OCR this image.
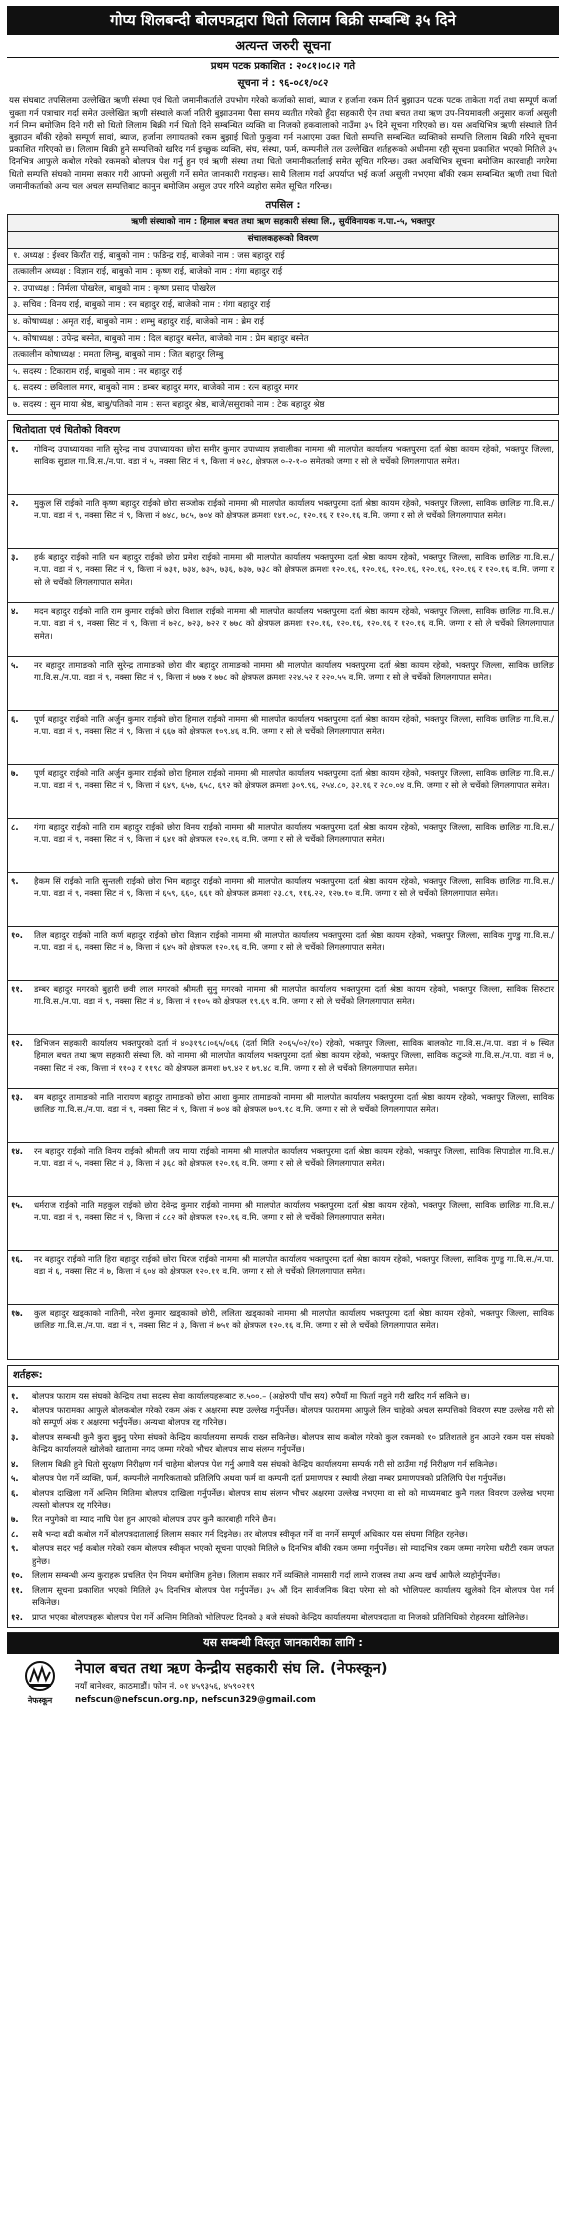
गोप्य शिलबन्दी बोलपत्रद्वारा धितो लिलाम बिक्री सम्बन्धि ३५ दिने
अत्यन्त जरुरी सूचना
प्रथम पटक प्रकाशित : २०८१।०८।२ गते
सूचना नं : ९६-०८१/०८२
यस संघबाट तपसिलमा उल्लेखित ऋणी संस्था एवं धितो जमानीकर्ताले उपभोग गरेको कर्जाको सावां, ब्याज र हर्जाना रकम तिर्न बुझाउन पटक पटक ताकेता गर्दा तथा सम्पूर्ण कर्जा चुक्ता गर्न पत्राचार गर्दा समेत उल्लेखित ऋणी संस्थाले कर्जा नतिरी बुझाउनमा पैसा समय व्यतीत गरेको हुँदा सहकारी ऐन तथा बचत तथा ऋण उप-नियमावली अनुसार कर्जा असुली गर्न निम्न बमोजिम दिने गरी सो धितो लिलाम बिक्री गर्न धितो दिने सम्बन्धित व्यक्ति वा निजको हकवालाको नाउँमा ३५ दिने सूचना गरिएको छ। यस अवधिभित्र ऋणी संस्थाले तिर्न बुझाउन बाँकी रहेको सम्पूर्ण सावां, ब्याज, हर्जाना लगायतको रकम बुझाई धितो फुकुवा गर्न नआएमा उक्त धितो सम्पत्ति सम्बन्धित व्यक्तिको सम्पत्ति लिलाम बिक्री गरिने सूचना प्रकाशित गरिएको छ। लिलाम बिक्री हुने सम्पत्तिको खरिद गर्न इच्छुक व्यक्ति, संघ, संस्था, फर्म, कम्पनीले तल उल्लेखित शर्तहरूको अधीनमा रही सूचना प्रकाशित भएको मितिले ३५ दिनभित्र आफुले कबोल गरेको रकमको बोलपत्र पेश गर्नु हुन एवं ऋणी संस्था तथा धितो जमानीकर्तालाई समेत सूचित गरिन्छ। उक्त अवधिभित्र सूचना बमोजिम कारवाही नगरेमा धितो सम्पत्ति संघको नाममा सकार गरी आफ्नो असुली गर्ने समेत जानकारी गराइन्छ। साथै लिलाम गर्दा अपर्याप्त भई कर्जा असुली नभएमा बाँकी रकम सम्बन्धित ऋणी तथा धितो जमानीकर्ताको अन्य चल अचल सम्पत्तिबाट कानुन बमोजिम असुल उपर गरिने व्यहोरा समेत सूचित गरिन्छ।
तपसिल :
ऋणी संस्थाको नाम : हिमाल बचत तथा ऋण सहकारी संस्था लि., सुर्यविनायक न.पा.-५, भक्तपुर
संचालकहरूको विवरण
१. अध्यक्ष : ईश्वर किराँत राई, बाबुको नाम : फडिन्द्र राई, बाजेको नाम : जस बहादुर राई
तत्कालीन अध्यक्ष : विज्ञान राई, बाबुको नाम : कृष्ण राई, बाजेको नाम : गंगा बहादुर राई
२. उपाध्यक्ष : निर्मला पोखरेल, बाबुको नाम : कृष्ण प्रसाद पोखरेल
३. सचिव : विनय राई, बाबुको नाम : रन बहादुर राई, बाजेको नाम : गंगा बहादुर राई
४. कोषाध्यक्ष : अमृत राई, बाबुको नाम : शम्भु बहादुर राई, बाजेको नाम : ब्रेम राई
५. कोषाध्यक्ष : उपेन्द्र बस्नेत, बाबुको नाम : दिल बहादुर बस्नेत, बाजेको नाम : प्रेम बहादुर बस्नेत
तत्कालीन कोषाध्यक्ष : ममता लिम्बु, बाबुको नाम : जित बहादुर लिम्बु
५. सदस्य : टिकाराम राई, बाबुको नाम : नर बहादुर राई
६. सदस्य : छविलाल मगर, बाबुको नाम : डम्बर बहादुर मगर, बाजेको नाम : रत्न बहादुर मगर
७. सदस्य : सुन माया श्रेष्ठ, बाबु/पतिको नाम : सन्त बहादुर श्रेष्ठ, बाजे/ससुराको नाम : टेक बहादुर श्रेष्ठ
धितोदाता एवं धितोको विवरण
१.	गोविन्द उपाध्यायका नाति सुरेन्द्र नाथ उपाध्यायका छोरा समीर कुमार उपाध्याय ज्ञवालीका नाममा श्री मालपोत कार्यालय भक्तपुरमा दर्ता श्रेष्ठा कायम रहेको, भक्तपुर जिल्ला, साविक सुडाल गा.वि.स./न.पा. वडा नं ५, नक्सा सिट नं ९, कित्ता नं ७२८, क्षेत्रफल ०-२-१-० समेतको जग्गा र सो ले चर्चेको लिगलगापात समेत।
२.	मुकुल सिं राईको नाति कृष्ण बहादुर राईको छोरा सञ्जोक राईको नाममा श्री मालपोत कार्यालय भक्तपुरमा दर्ता श्रेष्ठा कायम रहेको, भक्तपुर जिल्ला, साविक छालिङ गा.वि.स./न.पा. वडा नं ९, नक्सा सिट नं ९, कित्ता नं ७४८, ७८५, ७०४ को क्षेत्रफल क्रमशः १४१.०८, १२०.१६ र १२०.१६ व.मि. जग्गा र सो ले चर्चेको लिगलगापात समेत।
३.	हर्क बहादुर राईको नाति धन बहादुर राईको छोरा प्रमेश राईको नाममा श्री मालपोत कार्यालय भक्तपुरमा दर्ता श्रेष्ठा कायम रहेको, भक्तपुर जिल्ला, साविक छालिङ गा.वि.स./न.पा. वडा नं ९, नक्सा सिट नं ९, कित्ता नं ७३१, ७३४, ७३५, ७३६, ७३७, ७३८ को क्षेत्रफल क्रमशः १२०.१६, १२०.१६, १२०.१६, १२०.१६, १२०.१६ र १२०.१६ व.मि. जग्गा र सो ले चर्चेको लिगलगापात समेत।
४.	मदन बहादुर राईको नाति राम कुमार राईको छोरा विशाल राईको नाममा श्री मालपोत कार्यालय भक्तपुरमा दर्ता श्रेष्ठा कायम रहेको, भक्तपुर जिल्ला, साविक छालिङ गा.वि.स./न.पा. वडा नं ९, नक्सा सिट नं ९, कित्ता नं ७२८, ७२३, ७२२ र ७७८ को क्षेत्रफल क्रमशः १२०.१६, १२०.१६, १२०.१६ र १२०.१६ व.मि. जग्गा र सो ले चर्चेको लिगलगापात समेत।
५.	नर बहादुर तामाङको नाति सुरेन्द्र तामाङको छोरा वीर बहादुर तामाङको नाममा श्री मालपोत कार्यालय भक्तपुरमा दर्ता श्रेष्ठा कायम रहेको, भक्तपुर जिल्ला, साविक छालिङ गा.वि.स./न.पा. वडा नं ९, नक्सा सिट नं ९, कित्ता नं ७७७ र ७७८ को क्षेत्रफल क्रमशः २२४.५२ र २२०.५५ व.मि. जग्गा र सो ले चर्चेको लिगलगापात समेत।
६.	पूर्ण बहादुर राईको नाति अर्जुन कुमार राईको छोरा हिमाल राईको नाममा श्री मालपोत कार्यालय भक्तपुरमा दर्ता श्रेष्ठा कायम रहेको, भक्तपुर जिल्ला, साविक छालिङ गा.वि.स./न.पा. वडा नं ९, नक्सा सिट नं ९, कित्ता नं ६६७ को क्षेत्रफल १०९.४६ व.मि. जग्गा र सो ले चर्चेको लिगलगापात समेत।
७.	पूर्ण बहादुर राईको नाति अर्जुन कुमार राईको छोरा हिमाल राईको नाममा श्री मालपोत कार्यालय भक्तपुरमा दर्ता श्रेष्ठा कायम रहेको, भक्तपुर जिल्ला, साविक छालिङ गा.वि.स./न.पा. वडा नं ९, नक्सा सिट नं ९, कित्ता नं ६४९, ६५७, ६५८, ६९२ को क्षेत्रफल क्रमशः ३०९.९६, २५४.८०, ३२.१६ र २८०.०४ व.मि. जग्गा र सो ले चर्चेको लिगलगापात समेत।
८.	गंगा बहादुर राईको नाति राम बहादुर राईको छोरा विनय राईको नाममा श्री मालपोत कार्यालय भक्तपुरमा दर्ता श्रेष्ठा कायम रहेको, भक्तपुर जिल्ला, साविक छालिङ गा.वि.स./न.पा. वडा नं ९, नक्सा सिट नं ९, कित्ता नं ६४१ को क्षेत्रफल १२०.१६ व.मि. जग्गा र सो ले चर्चेको लिगलगापात समेत।
९.	हैकम सिं राईको नाति सुन्तली राईको छोरा भिम बहादुर राईको नाममा श्री मालपोत कार्यालय भक्तपुरमा दर्ता श्रेष्ठा कायम रहेको, भक्तपुर जिल्ला, साविक छालिङ गा.वि.स./न.पा. वडा नं ९, नक्सा सिट नं ९, कित्ता नं ६५९, ६६०, ६६१ को क्षेत्रफल क्रमशः २३.८९, ११६.२२, १२७.१० व.मि. जग्गा र सो ले चर्चेको लिगलगापात समेत।
१०.	तिल बहादुर राईको नाति कर्ण बहादुर राईको छोरा विज्ञान राईको नाममा श्री मालपोत कार्यालय भक्तपुरमा दर्ता श्रेष्ठा कायम रहेको, भक्तपुर जिल्ला, साविक गुण्डु गा.वि.स./न.पा. वडा नं ६, नक्सा सिट नं ७, कित्ता नं ६४५ को क्षेत्रफल १२०.१६ व.मि. जग्गा र सो ले चर्चेको लिगलगापात समेत।
११.	डम्बर बहादुर मगरको बुहारी छवी लाल मगरको श्रीमती सुनु मगरको नाममा श्री मालपोत कार्यालय भक्तपुरमा दर्ता श्रेष्ठा कायम रहेको, भक्तपुर जिल्ला, साविक सिरुटार गा.वि.स./न.पा. वडा नं ९, नक्सा सिट नं ४, कित्ता नं ११०५ को क्षेत्रफल १९.६९ व.मि. जग्गा र सो ले चर्चेको लिगलगापात समेत।
१२.	डिभिजन सहकारी कार्यालय भक्तपुरको दर्ता नं ४०३१९८।०६५/०६६ (दर्ता मिति २०६५/०२/१०) रहेको, भक्तपुर जिल्ला, साविक बालकोट गा.वि.स./न.पा. वडा नं ७ स्थित हिमाल बचत तथा ऋण सहकारी संस्था लि. को नाममा श्री मालपोत कार्यालय भक्तपुरमा दर्ता श्रेष्ठा कायम रहेको, भक्तपुर जिल्ला, साविक कटुञ्जे गा.वि.स./न.पा. वडा नं ७, नक्सा सिट नं २क, कित्ता नं ११०३ र ११९८ को क्षेत्रफल क्रमशः ७९.४२ र ७९.४८ व.मि. जग्गा र सो ले चर्चेको लिगलगापात समेत।
१३.	बम बहादुर तामाङको नाति नारायण बहादुर तामाङको छोरा आशा कुमार तामाङको नाममा श्री मालपोत कार्यालय भक्तपुरमा दर्ता श्रेष्ठा कायम रहेको, भक्तपुर जिल्ला, साविक छालिङ गा.वि.स./न.पा. वडा नं ९, नक्सा सिट नं ९, कित्ता नं ७०४ को क्षेत्रफल ७०९.१८ व.मि. जग्गा र सो ले चर्चेको लिगलगापात समेत।
१४.	रन बहादुर राईको नाति विनय राईको श्रीमती जय माया राईको नाममा श्री मालपोत कार्यालय भक्तपुरमा दर्ता श्रेष्ठा कायम रहेको, भक्तपुर जिल्ला, साविक सिपाडोल गा.वि.स./न.पा. वडा नं ५, नक्सा सिट नं ३, कित्ता नं ३६८ को क्षेत्रफल १२०.१६ व.मि. जग्गा र सो ले चर्चेको लिगलगापात समेत।
१५.	धर्मराज राईको नाति महकुल राईको छोरा देवेन्द्र कुमार राईको नाममा श्री मालपोत कार्यालय भक्तपुरमा दर्ता श्रेष्ठा कायम रहेको, भक्तपुर जिल्ला, साविक छालिङ गा.वि.स./न.पा. वडा नं ९, नक्सा सिट नं ९, कित्ता नं ८८२ को क्षेत्रफल १२०.१६ व.मि. जग्गा र सो ले चर्चेको लिगलगापात समेत।
१६.	नर बहादुर राईको नाति हिरा बहादुर राईको छोरा धिरज राईको नाममा श्री मालपोत कार्यालय भक्तपुरमा दर्ता श्रेष्ठा कायम रहेको, भक्तपुर जिल्ला, साविक गुण्डु गा.वि.स./न.पा. वडा नं ६, नक्सा सिट नं ७, कित्ता नं ६०४ को क्षेत्रफल १२०.११ व.मि. जग्गा र सो ले चर्चेको लिगलगापात समेत।
१७.	कुल बहादुर खड्काको नातिनी, नरेश कुमार खड्काको छोरी, ललिता खड्काको नाममा श्री मालपोत कार्यालय भक्तपुरमा दर्ता श्रेष्ठा कायम रहेको, भक्तपुर जिल्ला, साविक छालिङ गा.वि.स./न.पा. वडा नं ९, नक्सा सिट नं ३, कित्ता नं ७५१ को क्षेत्रफल १२०.१६ व.मि. जग्गा र सो ले चर्चेको लिगलगापात समेत।
शर्तहरू:
१.	बोलपत्र फाराम यस संघको केन्द्रिय तथा सदस्य सेवा कार्यालयहरूबाट रु.५००.– (अक्षेरुपी पाँच सय) रुपैयाँ मा फिर्ता नहुने गरी खरिद गर्न सकिने छ।
२.	बोलपत्र फारामका आफुले बोलकबोल गरेको रकम अंक र अक्षरमा स्पष्ट उल्लेख गर्नुपर्नेछ। बोलपत्र फाराममा आफुले लिन चाहेको अचल सम्पत्तिको विवरण स्पष्ट उल्लेख गरी सो को सम्पूर्ण अंक र अक्षरमा भर्नुपर्नेछ। अन्यथा बोलपत्र रद्द गरिनेछ।
३.	बोलपत्र सम्बन्धी कुनै कुरा बुझ्नु परेमा संघको केन्द्रिय कार्यालयमा सम्पर्क राख्न सकिनेछ। बोलपत्र साथ कबोल गरेको कुल रकमको १० प्रतिशतले हुन आउने रकम यस संघको केन्द्रिय कार्यालयले खोलेको खातामा नगद जम्मा गरेको भौचर बोलपत्र साथ संलग्न गर्नुपर्नेछ।
४.	लिलाम बिक्री हुने धितो सुरक्षण निरीक्षण गर्न चाहेमा बोलपत्र पेश गर्नु अगावै यस संघको केन्द्रिय कार्यालयमा सम्पर्क गरी सो ठाउँमा गई निरीक्षण गर्न सकिनेछ।
५.	बोलपत्र पेश गर्ने व्यक्ति, फर्म, कम्पनीले नागरिकताको प्रतिलिपि अथवा फर्म वा कम्पनी दर्ता प्रमाणपत्र र स्थायी लेखा नम्बर प्रमाणपत्रको प्रतिलिपि पेश गर्नुपर्नेछ।
६.	बोलपत्र दाखिला गर्ने अन्तिम मितिमा बोलपत्र दाखिला गर्नुपर्नेछ। बोलपत्र साथ संलग्न भौचर अक्षरमा उल्लेख नभएमा वा सो को माध्यमबाट कुनै गलत विवरण उल्लेख भएमा त्यस्तो बोलपत्र रद्द गरिनेछ।
७.	रित नपुगेको वा म्याद नाघि पेश हुन आएको बोलपत्र उपर कुनै कारबाही गरिने छैन।
८.	सबै भन्दा बढी कबोल गर्ने बोलपत्रदातालाई लिलाम सकार गर्न दिइनेछ। तर बोलपत्र स्वीकृत गर्ने वा नगर्ने सम्पूर्ण अधिकार यस संघमा निहित रहनेछ।
९.	बोलपत्र सदर भई कबोल गरेको रकम बोलपत्र स्वीकृत भएको सूचना पाएको मितिले ७ दिनभित्र बाँकी रकम जम्मा गर्नुपर्नेछ। सो म्यादभित्र रकम जम्मा नगरेमा धरौटी रकम जफत हुनेछ।
१०.	लिलाम सम्बन्धी अन्य कुराहरू प्रचलित ऐन नियम बमोजिम हुनेछ। लिलाम सकार गर्ने व्यक्तिले नामसारी गर्दा लाग्ने राजस्व तथा अन्य खर्च आफैले व्यहोर्नुपर्नेछ।
११.	लिलाम सूचना प्रकाशित भएको मितिले ३५ दिनभित्र बोलपत्र पेश गर्नुपर्नेछ। ३५ औं दिन सार्वजनिक बिदा परेमा सो को भोलिपल्ट कार्यालय खुलेको दिन बोलपत्र पेश गर्न सकिनेछ।
१२.	प्राप्त भएका बोलपत्रहरू बोलपत्र पेश गर्ने अन्तिम मितिको भोलिपल्ट दिनको ३ बजे संघको केन्द्रिय कार्यालयमा बोलपत्रदाता वा निजको प्रतिनिधिको रोहवरमा खोलिनेछ।
यस सम्बन्धी विस्तृत जानकारीका लागि :
नेफस्कून
नेपाल बचत तथा ऋण केन्द्रीय सहकारी संघ लि. (नेफस्कून)
नयाँ बानेश्वर, काठमाडौं। फोन नं. ०१ ४५९३५६, ४५९०२१९
nefscun@nefscun.org.np, nefscun329@gmail.com
